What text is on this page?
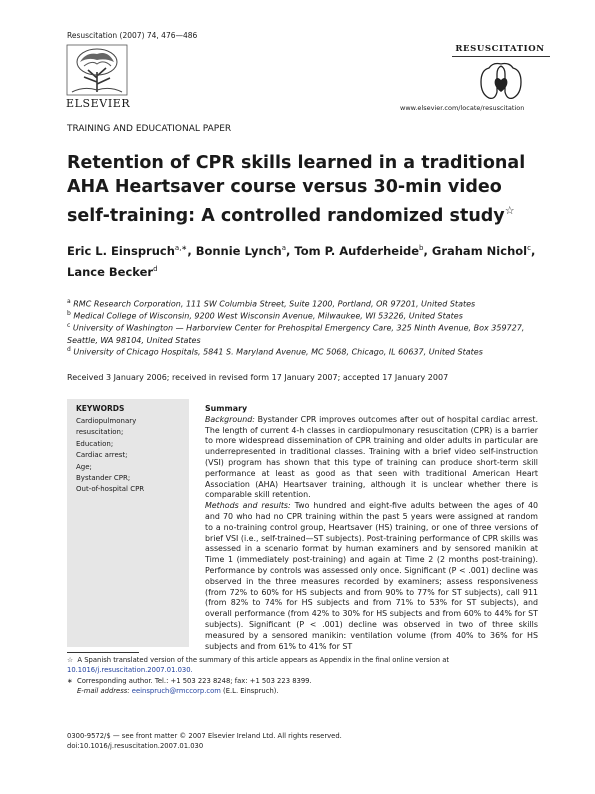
Resuscitation (2007) 74, 476—486
ELSEVIER
RESUSCITATION
www.elsevier.com/locate/resuscitation
TRAINING AND EDUCATIONAL PAPER
Retention of CPR skills learned in a traditional AHA Heartsaver course versus 30-min video self-training: A controlled randomized study☆
Eric L. Einspruch$^{a,∗}$, Bonnie Lynch$^a$, Tom P. Aufderheide$^b$, Graham Nichol$^c$, Lance Becker$^d$
$^a$ RMC Research Corporation, 111 SW Columbia Street, Suite 1200, Portland, OR 97201, United States
$^b$ Medical College of Wisconsin, 9200 West Wisconsin Avenue, Milwaukee, WI 53226, United States
$^c$ University of Washington — Harborview Center for Prehospital Emergency Care, 325 Ninth Avenue, Box 359727, Seattle, WA 98104, United States
$^d$ University of Chicago Hospitals, 5841 S. Maryland Avenue, MC 5068, Chicago, IL 60637, United States
Received 3 January 2006; received in revised form 17 January 2007; accepted 17 January 2007
KEYWORDS
Cardiopulmonary resuscitation;
Education;
Cardiac arrest;
Age;
Bystander CPR;
Out-of-hospital CPR
Summary
Background: Bystander CPR improves outcomes after out of hospital cardiac arrest. The length of current 4-h classes in cardiopulmonary resuscitation (CPR) is a barrier to more widespread dissemination of CPR training and older adults in particular are underrepresented in traditional classes. Training with a brief video self-instruction (VSI) program has shown that this type of training can produce short-term skill performance at least as good as that seen with traditional American Heart Association (AHA) Heartsaver training, although it is unclear whether there is comparable skill retention.
Methods and results: Two hundred and eight-five adults between the ages of 40 and 70 who had no CPR training within the past 5 years were assigned at random to a no-training control group, Heartsaver (HS) training, or one of three versions of brief VSI (i.e., self-trained—ST subjects). Post-training performance of CPR skills was assessed in a scenario format by human examiners and by sensored manikin at Time 1 (immediately post-training) and again at Time 2 (2 months post-training). Performance by controls was assessed only once. Significant (P < .001) decline was observed in the three measures recorded by examiners; assess responsiveness (from 72% to 60% for HS subjects and from 90% to 77% for ST subjects), call 911 (from 82% to 74% for HS subjects and from 71% to 53% for ST subjects), and overall performance (from 42% to 30% for HS subjects and from 60% to 44% for ST subjects). Significant (P < .001) decline was observed in two of three skills measured by a sensored manikin: ventilation volume (from 40% to 36% for HS subjects and from 61% to 41% for ST
☆ A Spanish translated version of the summary of this article appears as Appendix in the final online version at
10.1016/j.resuscitation.2007.01.030.
∗ Corresponding author. Tel.: +1 503 223 8248; fax: +1 503 223 8399.
E-mail address: eeinspruch@rmccorp.com (E.L. Einspruch).
0300-9572/$ — see front matter © 2007 Elsevier Ireland Ltd. All rights reserved.
doi:10.1016/j.resuscitation.2007.01.030
